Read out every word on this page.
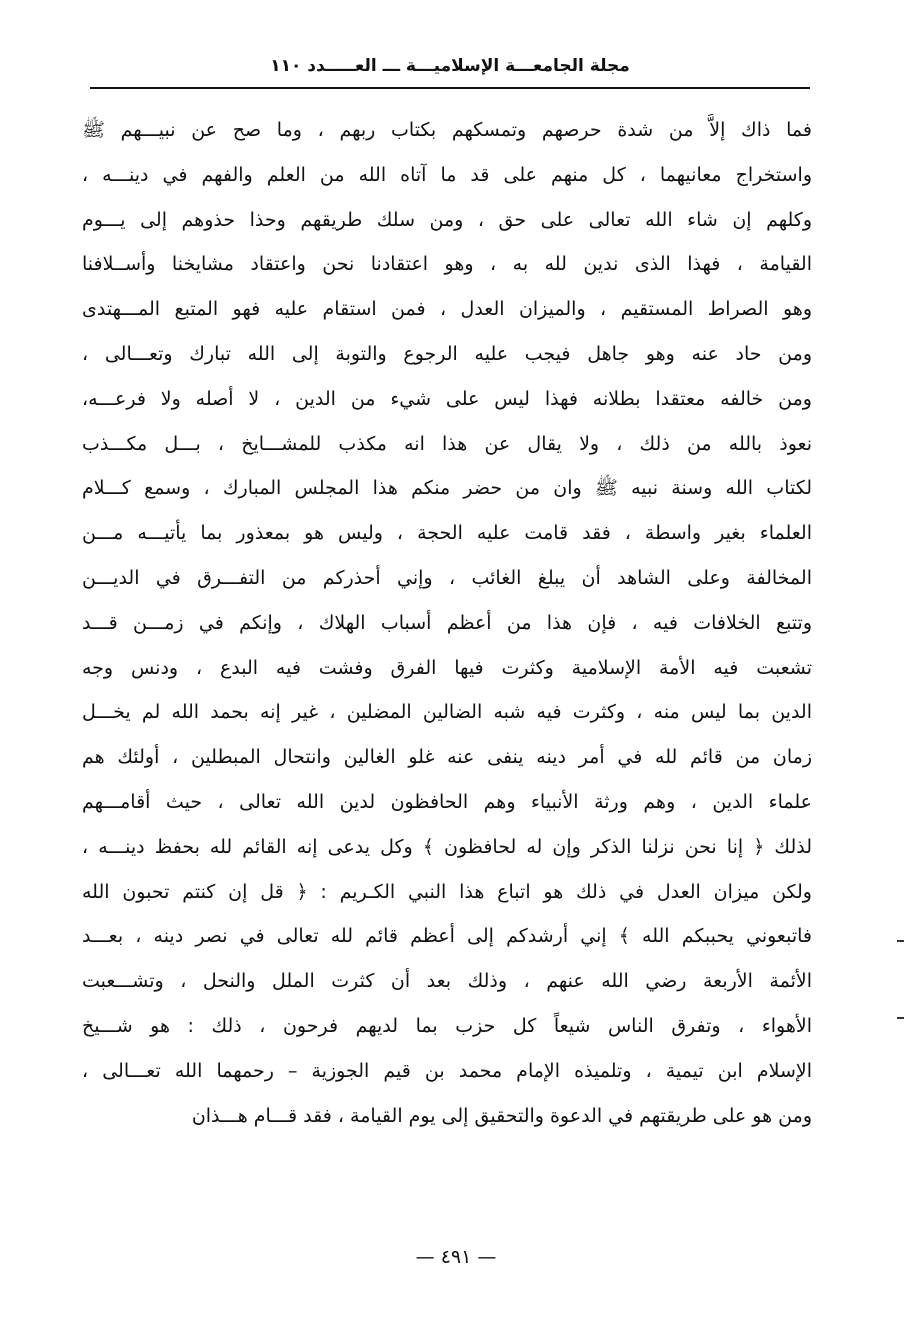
مجلة الجامعـــة الإسلاميـــة ـــ العـــــدد ١١٠
فما ذاك إلاَّ من شدة حرصهم وتمسكهم بكتاب ربهم ، وما صح عن نبيـــهم ﷺ
واستخراج معانيهما ، كل منهم على قد ما آتاه الله من العلم والفهم في دينـــه ،
وكلهم إن شاء الله تعالى على حق ، ومن سلك طريقهم وحذا حذوهم إلى يـــوم
القيامة ، فهذا الذى ندين لله به ، وهو اعتقادنا نحن واعتقاد مشايخنا وأســلافنا
وهو الصراط المستقيم ، والميزان العدل ، فمن استقام عليه فهو المتبع المـــهتدى
ومن حاد عنه وهو جاهل فيجب عليه الرجوع والتوبة إلى الله تبارك وتعـــالى ،
ومن خالفه معتقدا بطلانه فهذا ليس على شيء من الدين ، لا أصله ولا فرعـــه،
نعوذ بالله من ذلك ، ولا يقال عن هذا انه مكذب للمشـــايخ ، بـــل مكـــذب
لكتاب الله وسنة نبيه ﷺ وان من حضر منكم هذا المجلس المبارك ، وسمع كـــلام
العلماء بغير واسطة ، فقد قامت عليه الحجة ، وليس هو بمعذور بما يأتيـــه مـــن
المخالفة وعلى الشاهد أن يبلغ الغائب ، وإني أحذركم من التفـــرق في الديـــن
وتتبع الخلافات فيه ، فإن هذا من أعظم أسباب الهلاك ، وإنكم في زمـــن قـــد
تشعبت فيه الأمة الإسلامية وكثرت فيها الفرق وفشت فيه البدع ، ودنس وجه
الدين بما ليس منه ، وكثرت فيه شبه الضالين المضلين ، غير إنه بحمد الله لم يخـــل
زمان من قائم لله في أمر دينه ينفى عنه غلو الغالين وانتحال المبطلين ، أولئك هم
علماء الدين ، وهم ورثة الأنبياء وهم الحافظون لدين الله تعالى ، حيث أقامـــهم
لذلك ﴿ إنا نحن نزلنا الذكر وإن له لحافظون ﴾ وكل يدعى إنه القائم لله بحفظ دينـــه ،
ولكن ميزان العدل في ذلك هو اتباع هذا النبي الكـريم : ﴿ قل إن كنتم تحبون الله
فاتبعوني يحببكم الله ﴾ إني أرشدكم إلى أعظم قائم لله تعالى في نصر دينه ، بعـــد
الأئمة الأربعة رضي الله عنهم ، وذلك بعد أن كثرت الملل والنحل ، وتشـــعبت
الأهواء ، وتفرق الناس شيعاً كل حزب بما لديهم فرحون ، ذلك : هو شـــيخ
الإسلام ابن تيمية ، وتلميذه الإمام محمد بن قيم الجوزية – رحمهما الله تعـــالى ،
ومن هو على طريقتهم في الدعوة والتحقيق إلى يوم القيامة ، فقد قـــام هـــذان
— ٤٩١ —
